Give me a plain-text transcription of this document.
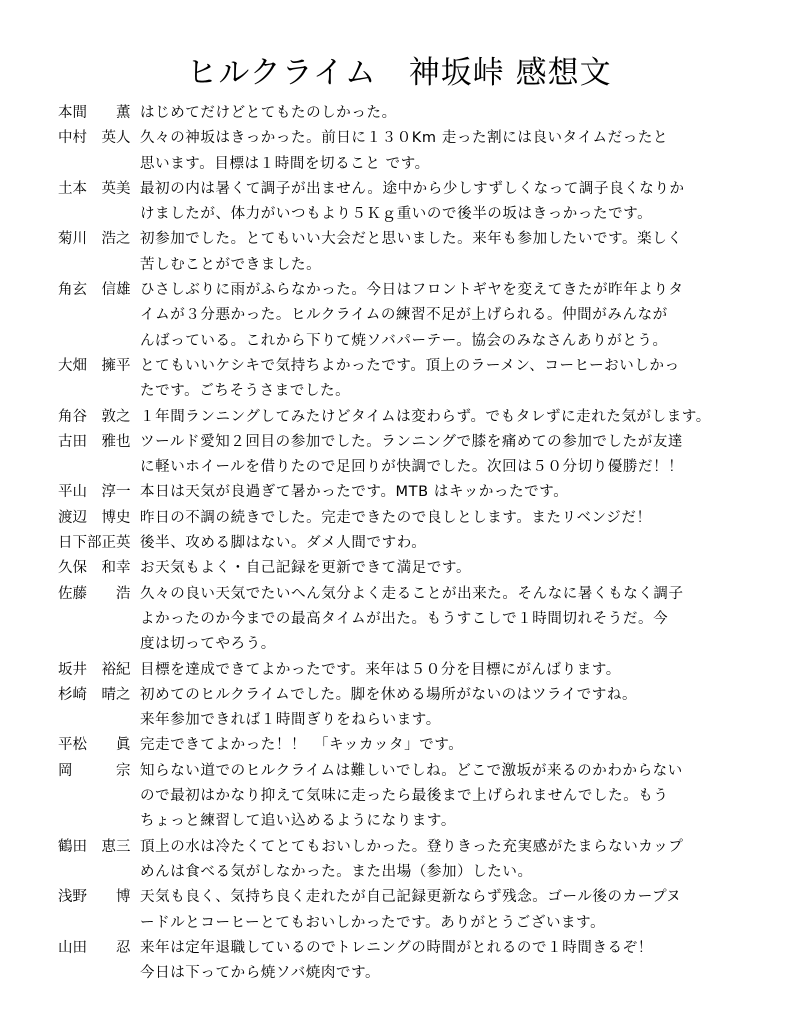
ヒルクライム　神坂峠 感想文
本間　　薫 はじめてだけどとてもたのしかった。
中村　英人 久々の神坂はきっかった。前日に１３０Km 走った割には良いタイムだったと
思います。目標は１時間を切ること です。
土本　英美 最初の内は暑くて調子が出ません。途中から少しすずしくなって調子良くなりか
けましたが、体力がいつもより５Ｋｇ重いので後半の坂はきっかったです。
菊川　浩之 初参加でした。とてもいい大会だと思いました。来年も参加したいです。楽しく
苦しむことができました。
角玄　信雄 ひさしぶりに雨がふらなかった。今日はフロントギヤを変えてきたが昨年よりタ
イムが３分悪かった。ヒルクライムの練習不足が上げられる。仲間がみんなが
んばっている。これから下りて焼ソバパーテー。協会のみなさんありがとう。
大畑　擁平 とてもいいケシキで気持ちよかったです。頂上のラーメン、コーヒーおいしかっ
たです。ごちそうさまでした。
角谷　敦之 １年間ランニングしてみたけどタイムは変わらず。でもタレずに走れた気がします。
古田　雅也 ツールド愛知２回目の参加でした。ランニングで膝を痛めての参加でしたが友達
に軽いホイールを借りたので足回りが快調でした。次回は５０分切り優勝だ！！
平山　淳一 本日は天気が良過ぎて暑かったです。MTB はキッかったです。
渡辺　博史 昨日の不調の続きでした。完走できたので良しとします。またリベンジだ！
日下部正英 後半、攻める脚はない。ダメ人間ですわ。
久保　和幸 お天気もよく・自己記録を更新できて満足です。
佐藤　　浩 久々の良い天気でたいへん気分よく走ることが出来た。そんなに暑くもなく調子
よかったのか今までの最高タイムが出た。もうすこしで１時間切れそうだ。今
度は切ってやろう。
坂井　裕紀 目標を達成できてよかったです。来年は５０分を目標にがんばります。
杉崎　晴之 初めてのヒルクライムでした。脚を休める場所がないのはツライですね。
来年参加できれば１時間ぎりをねらいます。
平松　　眞 完走できてよかった！！　「キッカッタ」です。
岡　　　宗 知らない道でのヒルクライムは難しいでしね。どこで激坂が来るのかわからない
ので最初はかなり抑えて気味に走ったら最後まで上げられませんでした。もう
ちょっと練習して追い込めるようになります。
鶴田　恵三 頂上の水は冷たくてとてもおいしかった。登りきった充実感がたまらないカップ
めんは食べる気がしなかった。また出場（参加）したい。
浅野　　博 天気も良く、気持ち良く走れたが自己記録更新ならず残念。ゴール後のカープヌ
ードルとコーヒーとてもおいしかったです。ありがとうございます。
山田　　忍 来年は定年退職しているのでトレニングの時間がとれるので１時間きるぞ！
今日は下ってから焼ソバ焼肉です。
